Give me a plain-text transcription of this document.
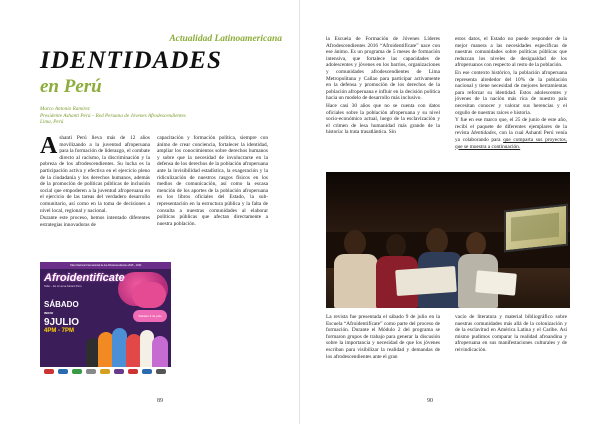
Actualidad Latinoamericana
IDENTIDADES
en Perú
Marco Antonio Ramírez
Presidente Ashanti Perú – Red Peruana de Jóvenes Afrodescendientes
Lima, Perú

Ashanti Perú lleva más de 12 años movilizando a la juventud afroperuana para la formación de liderazgo, el combate directo al racismo, la discriminación y la pobreza de los afrodescendientes. Su lucha es la participación activa y efectiva en el ejercicio pleno de la ciudadanía y los derechos humanos, además de la promoción de políticas públicas de inclusión social que empoderen a la juventud afroperuana en el ejercicio de las tareas del verdadero desarrollo comunitario, así como en la toma de decisiones a nivel local, regional y nacional.

Durante este proceso, hemos intentado diferentes estrategias innovadoras de

capacitación y formación política, siempre con ánimo de crear conciencia, fortalecer la identidad, ampliar los conocimientos sobre derechos humanos y sobre que la necesidad de involucrarse en la defensa de los derechos de la población afroperuana ante la invisibilidad estadística, la exageración y la ridiculización de nuestros rasgos físicos en los medios de comunicación, así como la escasa mención de los aportes de la población afroperuana en los libros oficiales del Estado, la sub-representación en la estructura pública y la falta de consulta a nuestras comunidades al elaborar políticas públicas que afectan directamente a nuestra población.

Taller Nacional Internacional de los Afrodescendientes 2015 – 2024
Afroidentifícate
Taller – Es el Lema Ashanti Perú
SÁBADO
INICIO
9JULIO
4PM - 7PM
Sábado 9 de julio
89

la Escuela de Formación de Jóvenes Líderes Afrodescendientes 2016 “Afroidentifícate” nace con ese ánimo. Es un programa de 5 meses de formación intensiva, que fortalece las capacidades de adolescentes y jóvenes en los barrios, organizaciones y comunidades afrodescendientes de Lima Metropolitana y Callao para participar activamente en la defensa y promoción de los derechos de la población afroperuana e influir en la decisión política hacia un modelo de desarrollo más inclusivo.

Hace casi 30 años que no se cuenta con datos oficiales sobre la población afroperuana y su nivel socio-económico actual, luego de la esclavización y el crimen de lesa humanidad más grande de la historia: la trata trasatlántica. Sin

estos datos, el Estado no puede responder de la mejor manera a las necesidades específicas de nuestras comunidades sobre políticas públicas que reduzcan los niveles de desigualdad de los afroperuanos con respecto al resto de la población.

En ese contexto histórico, la población afroperuana representa alrededor del 10% de la población nacional y tiene necesidad de mejores herramientas para reforzar su identidad. Estos adolescentes y jóvenes de la nación más rica de nuestro país necesitan conocer y valorar sus herencias y el orgullo de nuestras raíces e historia.

Y fue en ese marco que, el 25 de junio de este año, recibí el paquete de diferentes ejemplares de la revista Identidades, con la cual Ashanti Perú venía ya colaborando para que comparta sus proyectos, que se muestra a continuación.

La revista fue presentada el sábado 9 de julio en la Escuela “Afroidentifícate” como parte del proceso de formación. Durante el Módulo 2 del programa se formaron grupos de trabajo para generar la discusión sobre la importancia y necesidad de que los jóvenes escriban para visibilizar la realidad y demandas de los afrodescendientes ante el gran

vacío de literatura y material bibliográfico sobre nuestras comunidades más allá de la colonización y de la esclavitud en América Latina y el Caribe. Así mismo pudimos comparar la realidad afroandina y afroperuana en sus manifestaciones culturales y de reivindicación.

90
